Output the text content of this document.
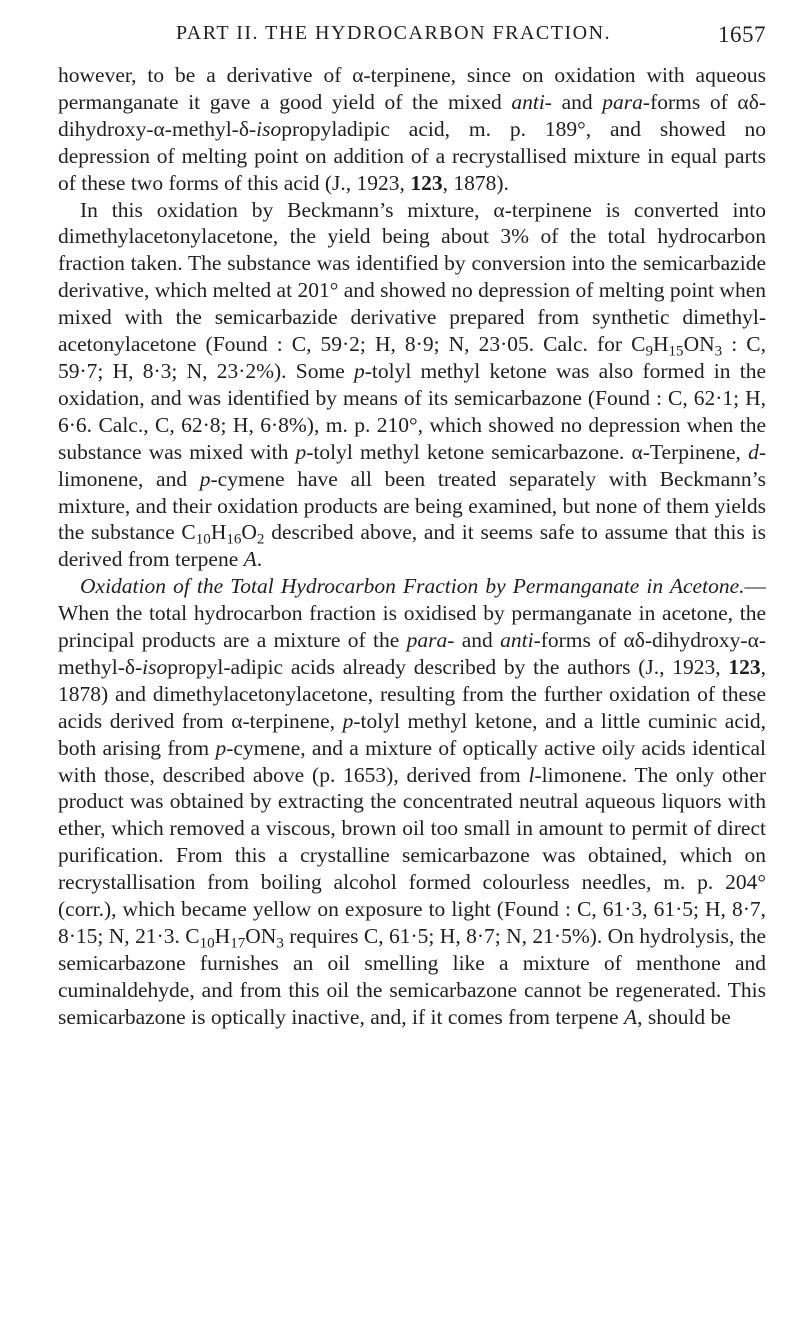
PART II. THE HYDROCARBON FRACTION.	1657

however, to be a derivative of α-terpinene, since on oxidation with aqueous permanganate it gave a good yield of the mixed anti- and para-forms of αδ-dihydroxy-α-methyl-δ-isopropyladipic acid, m. p. 189°, and showed no depression of melting point on addition of a recrystallised mixture in equal parts of these two forms of this acid (J., 1923, 123, 1878).

In this oxidation by Beckmann’s mixture, α-terpinene is converted into dimethylacetonylacetone, the yield being about 3% of the total hydrocarbon fraction taken. The substance was identified by conversion into the semicarbazide derivative, which melted at 201° and showed no depression of melting point when mixed with the semicarbazide derivative prepared from synthetic dimethyl-acetonylacetone (Found : C, 59·2; H, 8·9; N, 23·05. Calc. for $C_9H_{15}ON_3$ : C, 59·7; H, 8·3; N, 23·2%). Some p-tolyl methyl ketone was also formed in the oxidation, and was identified by means of its semicarbazone (Found : C, 62·1; H, 6·6. Calc., C, 62·8; H, 6·8%), m. p. 210°, which showed no depression when the substance was mixed with p-tolyl methyl ketone semicarbazone. α-Terpinene, d-limonene, and p-cymene have all been treated separately with Beckmann’s mixture, and their oxidation products are being examined, but none of them yields the substance $C_{10}H_{16}O_2$ described above, and it seems safe to assume that this is derived from terpene A.

Oxidation of the Total Hydrocarbon Fraction by Permanganate in Acetone.—When the total hydrocarbon fraction is oxidised by permanganate in acetone, the principal products are a mixture of the para- and anti-forms of αδ-dihydroxy-α-methyl-δ-isopropyl-adipic acids already described by the authors (J., 1923, 123, 1878) and dimethylacetonylacetone, resulting from the further oxidation of these acids derived from α-terpinene, p-tolyl methyl ketone, and a little cuminic acid, both arising from p-cymene, and a mixture of optically active oily acids identical with those, described above (p. 1653), derived from l-limonene. The only other product was obtained by extracting the concentrated neutral aqueous liquors with ether, which removed a viscous, brown oil too small in amount to permit of direct purification. From this a crystalline semicarbazone was obtained, which on recrystallisation from boiling alcohol formed colourless needles, m. p. 204° (corr.), which became yellow on exposure to light (Found : C, 61·3, 61·5; H, 8·7, 8·15; N, 21·3. $C_{10}H_{17}ON_3$ requires C, 61·5; H, 8·7; N, 21·5%). On hydrolysis, the semicarbazone furnishes an oil smelling like a mixture of menthone and cuminaldehyde, and from this oil the semicarbazone cannot be regenerated. This semicarbazone is optically inactive, and, if it comes from terpene A, should be
